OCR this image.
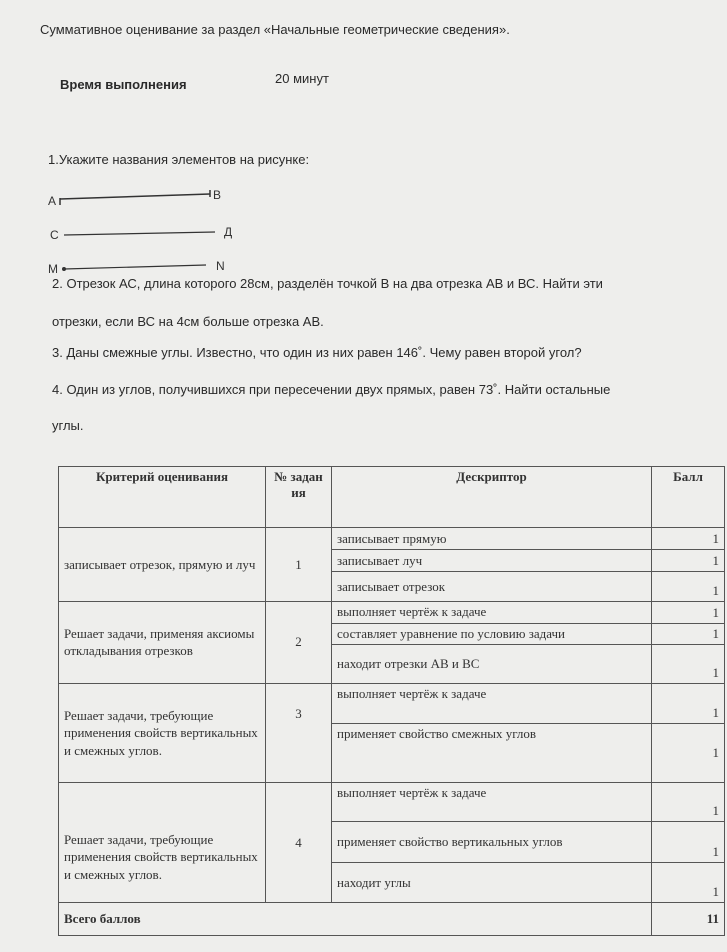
Суммативное оценивание за раздел «Начальные геометрические сведения».
Время выполнения	20 минут
1.Укажите названия элементов на рисунке:
A	B
C	Д
M	N
2. Отрезок АС, длина которого 28см, разделён точкой В на два отрезка АВ и ВС. Найти эти
отрезки, если ВС на 4см больше отрезка АВ.
3. Даны смежные углы. Известно, что один из них равен 146˚. Чему равен второй угол?
4. Один из углов, получившихся при пересечении двух прямых, равен 73˚. Найти остальные
углы.
Критерий оценивания	№ задан ия	Дескриптор	Балл
записывает отрезок, прямую и луч	1	записывает прямую	1
		записывает луч	1
		записывает отрезок	1
Решает задачи, применяя аксиомы откладывания отрезков	2	выполняет чертёж к задаче	1
		составляет уравнение по условию задачи	1
		находит отрезки АВ и ВС	1
Решает задачи, требующие применения свойств вертикальных и смежных углов.	3	выполняет чертёж к задаче	1
		применяет свойство смежных углов	1
Решает задачи, требующие применения свойств вертикальных и смежных углов.	4	выполняет чертёж к задаче	1
		применяет свойство вертикальных углов	1
		находит углы	1
Всего баллов			11
